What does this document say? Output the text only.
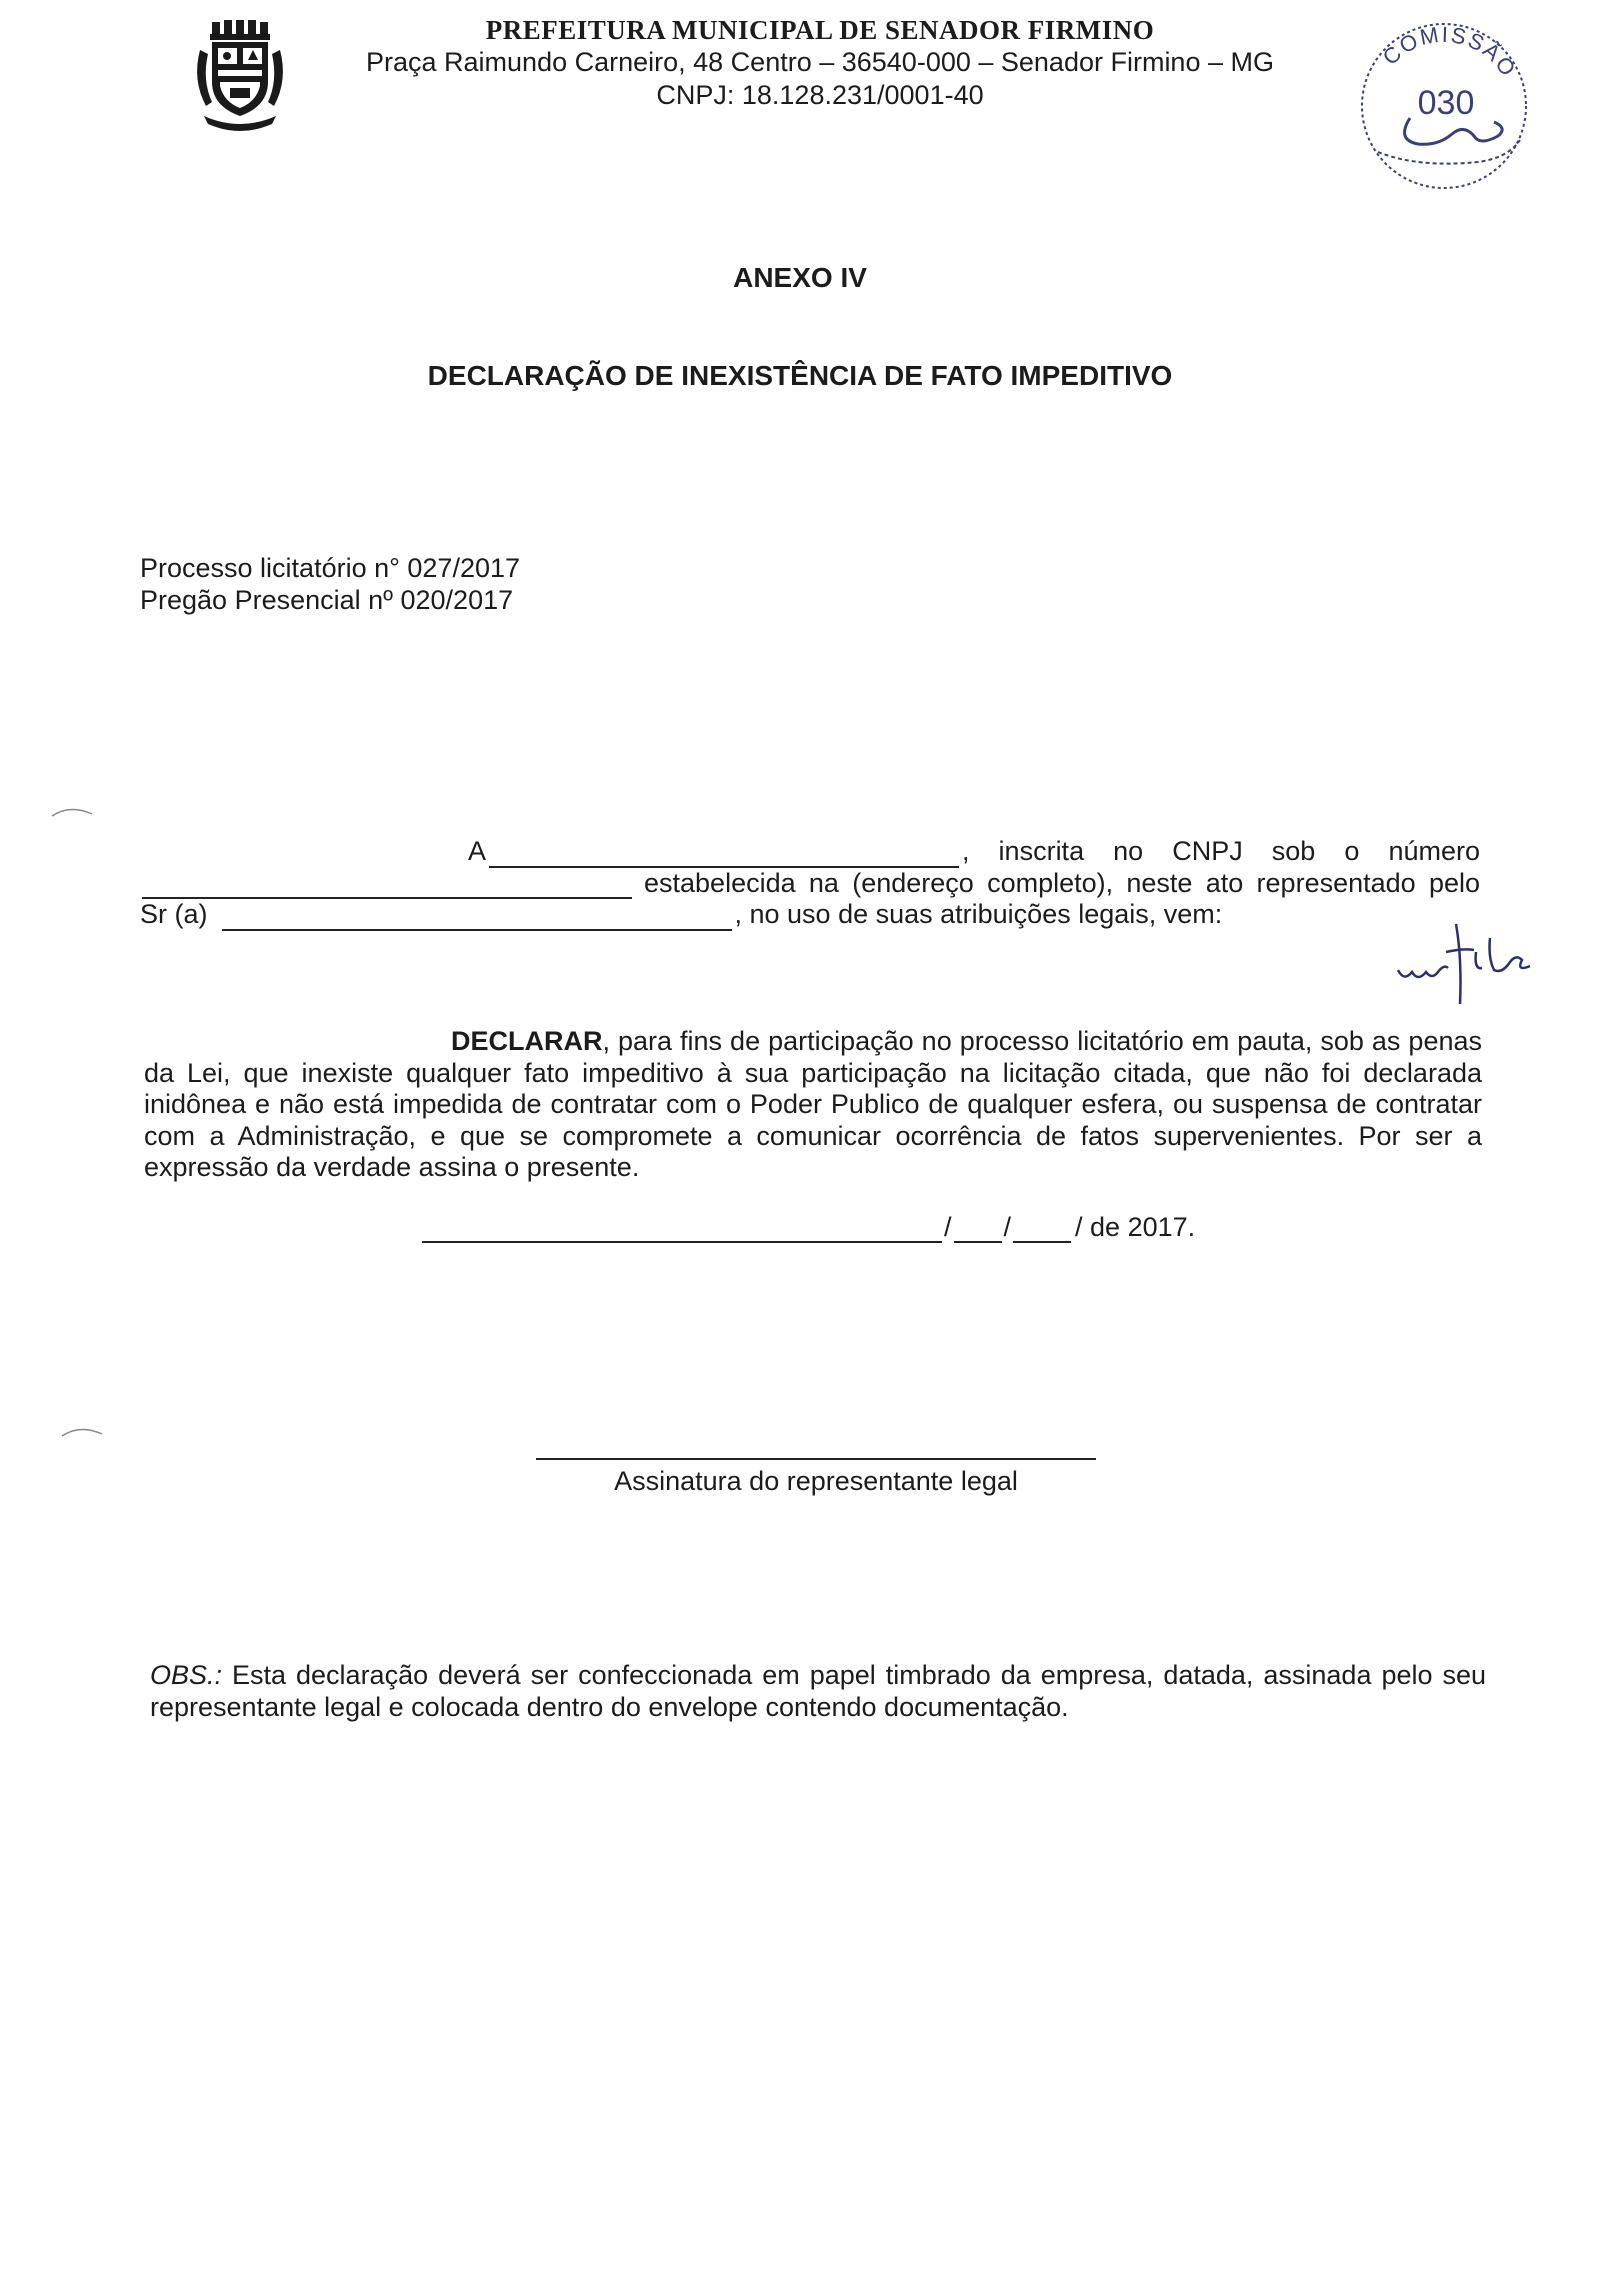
PREFEITURA MUNICIPAL DE SENADOR FIRMINO
Praça Raimundo Carneiro, 48 Centro – 36540-000 – Senador Firmino – MG
CNPJ: 18.128.231/0001-40
COMISSÃO
030
ANEXO IV
DECLARAÇÃO DE INEXISTÊNCIA DE FATO IMPEDITIVO
Processo licitatório n° 027/2017
Pregão Presencial nº 020/2017
A	, inscrita no CNPJ sob o número
estabelecida na (endereço completo), neste ato representado pelo
Sr (a)	, no uso de suas atribuições legais, vem:
DECLARAR, para fins de participação no processo licitatório em pauta, sob as penas da Lei, que inexiste qualquer fato impeditivo à sua participação na licitação citada, que não foi declarada inidônea e não está impedida de contratar com o Poder Publico de qualquer esfera, ou suspensa de contratar com a Administração, e que se compromete a comunicar ocorrência de fatos supervenientes. Por ser a expressão da verdade assina o presente.
/ / / de 2017.
Assinatura do representante legal
OBS.: Esta declaração deverá ser confeccionada em papel timbrado da empresa, datada, assinada pelo seu representante legal e colocada dentro do envelope contendo documentação.
